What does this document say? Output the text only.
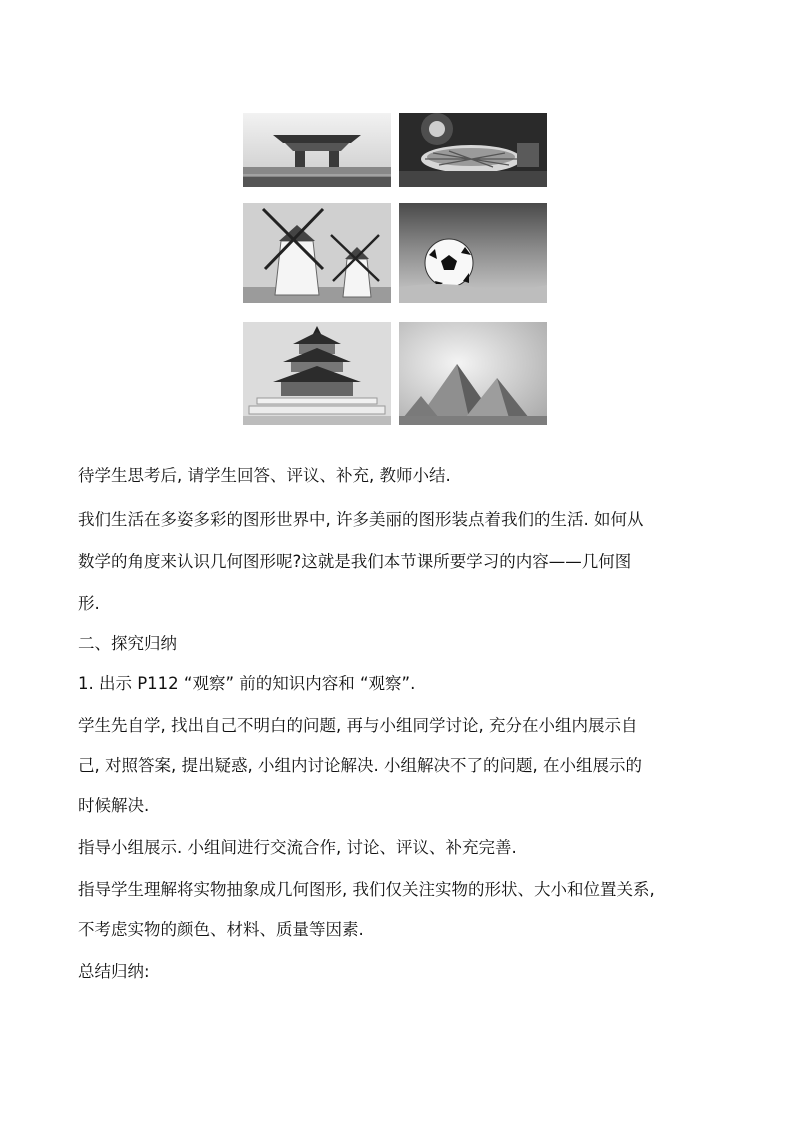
待学生思考后, 请学生回答、评议、补充, 教师小结.
我们生活在多姿多彩的图形世界中, 许多美丽的图形装点着我们的生活. 如何从
数学的角度来认识几何图形呢?这就是我们本节课所要学习的内容——几何图
形.
二、探究归纳
1. 出示 P112 “观察” 前的知识内容和 “观察”.
学生先自学, 找出自己不明白的问题, 再与小组同学讨论, 充分在小组内展示自
己, 对照答案, 提出疑惑, 小组内讨论解决. 小组解决不了的问题, 在小组展示的
时候解决.
指导小组展示. 小组间进行交流合作, 讨论、评议、补充完善.
指导学生理解将实物抽象成几何图形, 我们仅关注实物的形状、大小和位置关系,
不考虑实物的颜色、材料、质量等因素.
总结归纳:
